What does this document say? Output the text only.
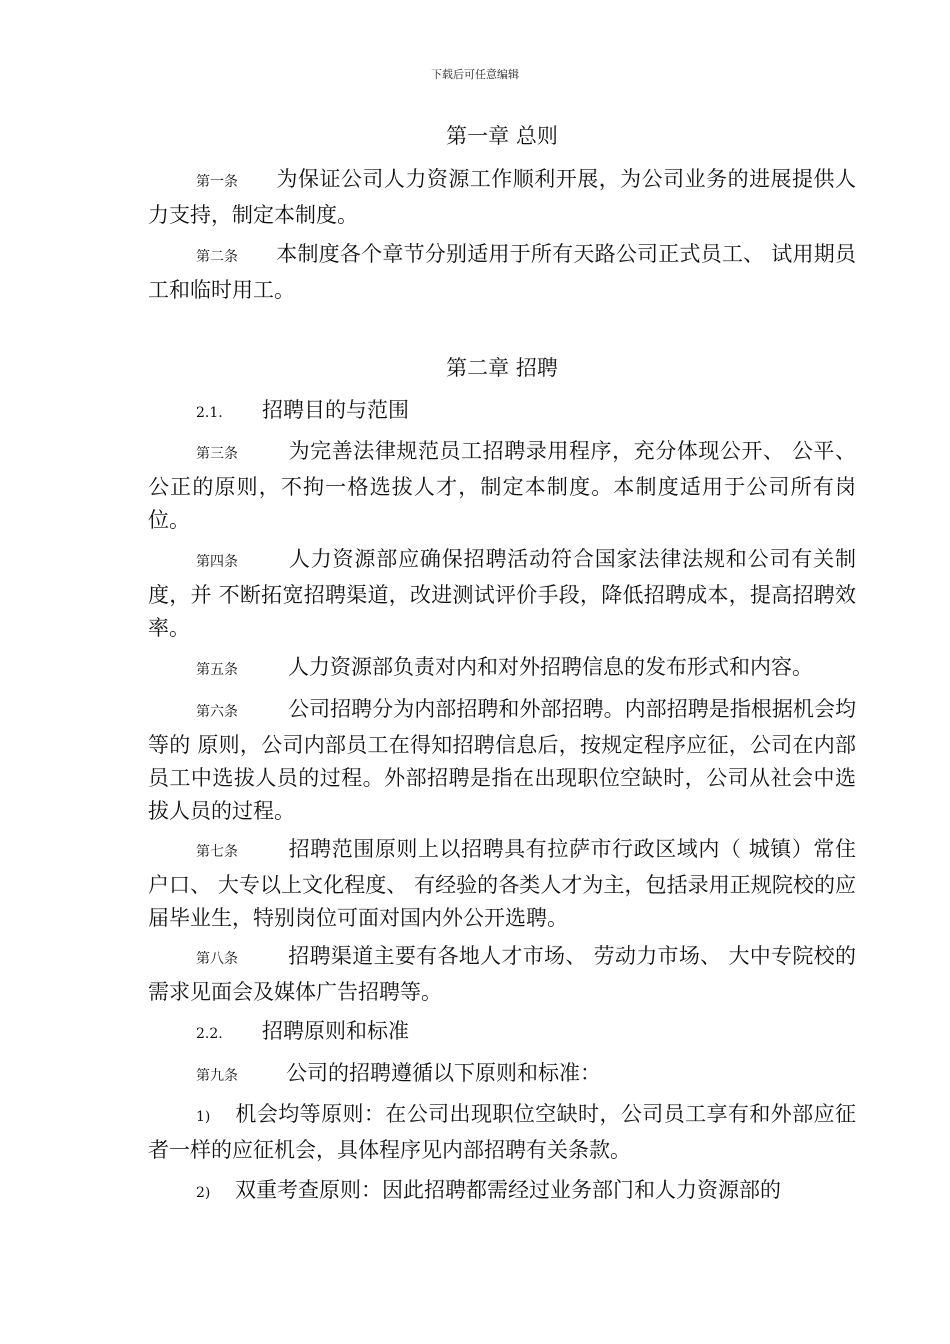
下载后可任意编辑
第一章 总则
第一条 为保证公司人力资源工作顺利开展，为公司业务的进展提供人力支持，制定本制度。
第二条 本制度各个章节分别适用于所有天路公司正式员工、 试用期员工和临时用工。
第二章 招聘
2.1. 招聘目的与范围
第三条 为完善法律规范员工招聘录用程序，充分体现公开、 公平、 公正的原则，不拘一格选拔人才，制定本制度。本制度适用于公司所有岗位。
第四条 人力资源部应确保招聘活动符合国家法律法规和公司有关制度，并 不断拓宽招聘渠道，改进测试评价手段，降低招聘成本，提高招聘效率。
第五条 人力资源部负责对内和对外招聘信息的发布形式和内容。
第六条 公司招聘分为内部招聘和外部招聘。内部招聘是指根据机会均等的 原则，公司内部员工在得知招聘信息后，按规定程序应征，公司在内部员工中选拔人员的过程。外部招聘是指在出现职位空缺时，公司从社会中选拔人员的过程。
第七条 招聘范围原则上以招聘具有拉萨市行政区域内（ 城镇）常住户口、 大专以上文化程度、 有经验的各类人才为主，包括录用正规院校的应届毕业生，特别岗位可面对国内外公开选聘。
第八条 招聘渠道主要有各地人才市场、 劳动力市场、 大中专院校的需求见面会及媒体广告招聘等。
2.2. 招聘原则和标准
第九条 公司的招聘遵循以下原则和标准：
1) 机会均等原则：在公司出现职位空缺时，公司员工享有和外部应征者一样的应征机会，具体程序见内部招聘有关条款。
2) 双重考查原则：因此招聘都需经过业务部门和人力资源部的
